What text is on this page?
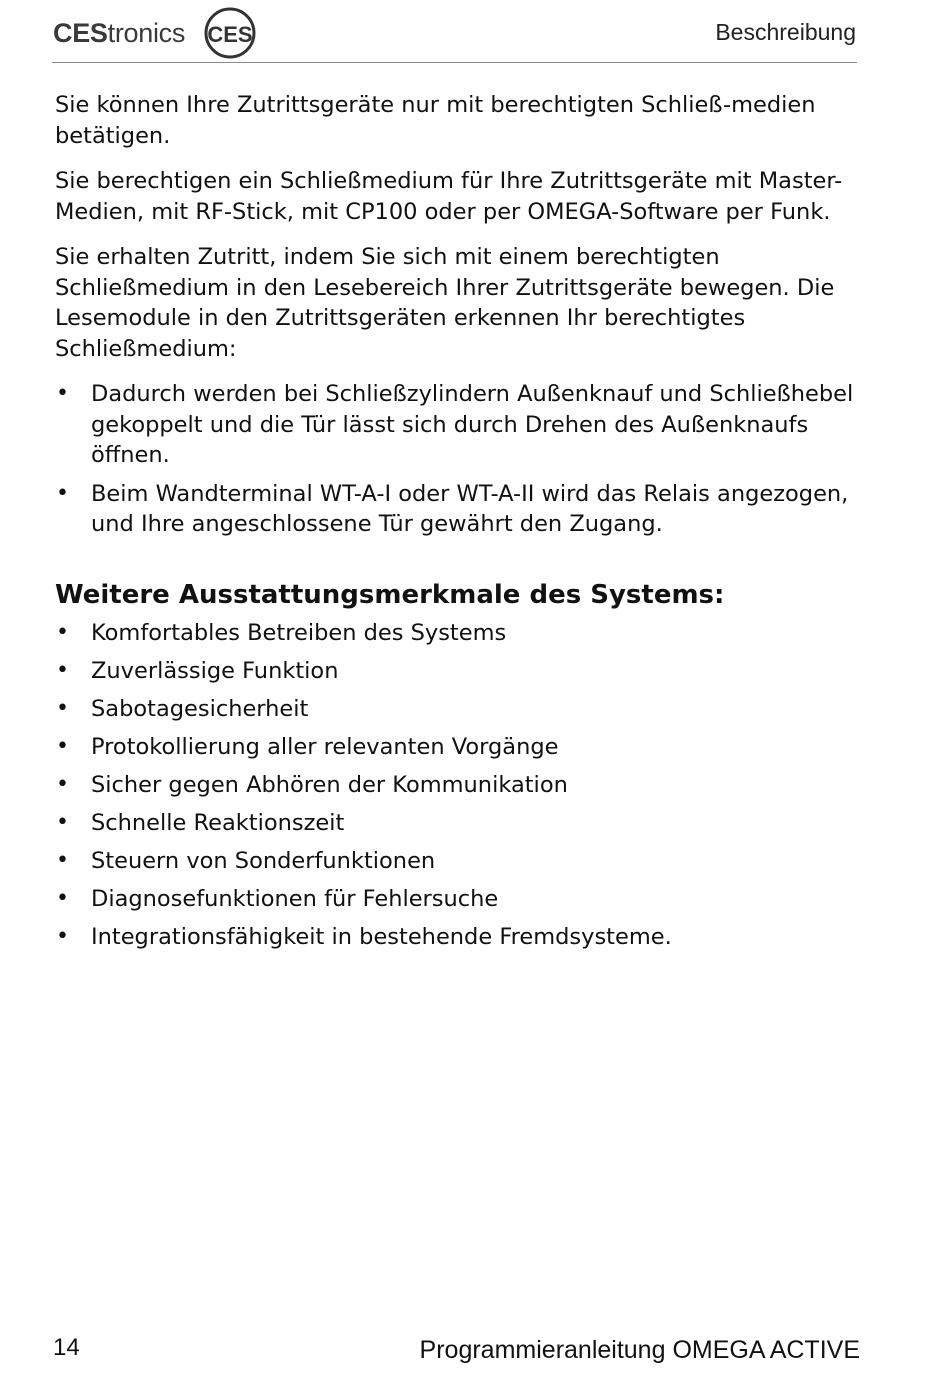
CEStronics CES	Beschreibung

Sie können Ihre Zutrittsgeräte nur mit berechtigten Schließ-medien betätigen.

Sie berechtigen ein Schließmedium für Ihre Zutrittsgeräte mit Master-Medien, mit RF-Stick, mit CP100 oder per OMEGA-Software per Funk.

Sie erhalten Zutritt, indem Sie sich mit einem berechtigten Schließmedium in den Lesebereich Ihrer Zutrittsgeräte bewegen. Die Lesemodule in den Zutrittsgeräten erkennen Ihr berechtigtes Schließmedium:

• Dadurch werden bei Schließzylindern Außenknauf und Schließhebel gekoppelt und die Tür lässt sich durch Drehen des Außenknaufs öffnen.
• Beim Wandterminal WT-A-I oder WT-A-II wird das Relais angezogen, und Ihre angeschlossene Tür gewährt den Zugang.
Weitere Ausstattungsmerkmale des Systems:
• Komfortables Betreiben des Systems
• Zuverlässige Funktion
• Sabotagesicherheit
• Protokollierung aller relevanten Vorgänge
• Sicher gegen Abhören der Kommunikation
• Schnelle Reaktionszeit
• Steuern von Sonderfunktionen
• Diagnosefunktionen für Fehlersuche
• Integrationsfähigkeit in bestehende Fremdsysteme.
14	Programmieranleitung OMEGA ACTIVE
